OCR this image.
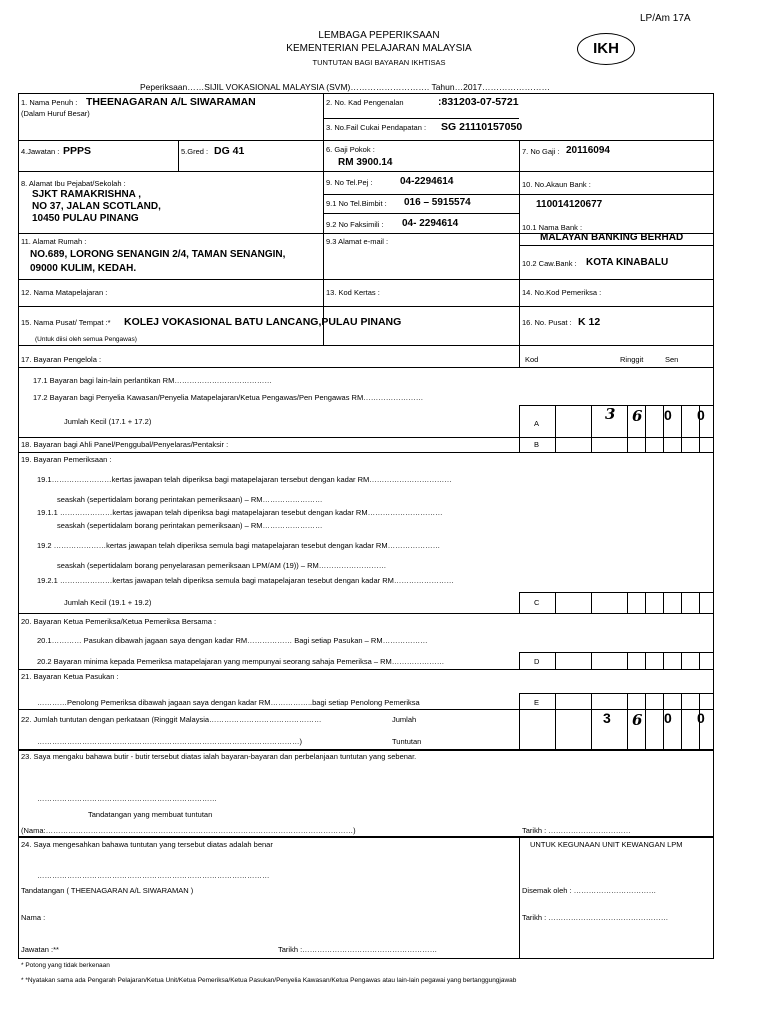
LP/Am 17A
LEMBAGA PEPERIKSAAN
KEMENTERIAN PELAJARAN MALAYSIA
TUNTUTAN BAGI BAYARAN IKHTISAS
IKH
Peperiksaan……SIJIL VOKASIONAL MALAYSIA (SVM)………………………. Tahun…2017……………………
1. Nama Penuh : THEENAGARAN A/L SIWARAMAN
(Dalam Huruf Besar)
2. No. Kad Pengenalan	:831203-07-5721
3. No.Fail Cukai Pendapatan : SG 21110157050
4.Jawatan : PPPS	5.Gred : DG 41	6. Gaji Pokok :
RM 3900.14
7. No Gaji : 20116094
8. Alamat Ibu Pejabat/Sekolah :
SJKT RAMAKRISHNA ,
NO 37, JALAN SCOTLAND,
10450 PULAU PINANG
9. No Tel.Pej :	04-2294614
9.1 No Tel.Bimbit : 016 – 5915574
9.2 No Faksimili : 04- 2294614
9.3 Alamat e-mail :
10. No.Akaun Bank :
110014120677
10.1 Nama Bank :
MALAYAN BANKING BERHAD
10.2 Caw.Bank : KOTA KINABALU
11. Alamat Rumah :
NO.689, LORONG SENANGIN 2/4, TAMAN SENANGIN,
09000 KULIM, KEDAH.
12. Nama Matapelajaran :	13. Kod Kertas :	14. No.Kod Pemeriksa :
15. Nama Pusat/ Tempat :* KOLEJ VOKASIONAL BATU LANCANG,PULAU PINANG
(Untuk diisi oleh semua Pengawas)
16. No. Pusat : K 12
17. Bayaran Pengelola :	Kod	Ringgit	Sen
17.1 Bayaran bagi lain-lain perlantikan RM…………………………………
17.2 Bayaran bagi Penyelia Kawasan/Penyelia Matapelajaran/Ketua Pengawas/Pen Pengawas RM……………………
Jumlah Kecil (17.1 + 17.2)	A
3 6 0 0
18. Bayaran bagi Ahli Panel/Penggubal/Penyelaras/Pentaksir :	B
19. Bayaran Pemeriksaan :
19.1……………………kertas jawapan telah diperiksa bagi matapelajaran tersebut dengan kadar RM……………………………
seaskah (sepertidalam borang perintakan pemeriksaan) – RM……………………
19.1.1 …………………kertas jawapan telah diperiksa bagi matapelajaran tesebut dengan kadar RM…………………………
seaskah (sepertidalam borang perintakan pemeriksaan) – RM……………………
19.2 …………………kertas jawapan telah diperiksa semula bagi matapelajaran tesebut dengan kadar RM…………………
seaskah (sepertidalam borang penyelarasan pemeriksaan LPM/AM (19)) – RM………………………
19.2.1 …………………kertas jawapan telah diperiksa semula bagi matapelajaran tesebut dengan kadar RM……………………
Jumlah Kecil (19.1 + 19.2)	C
20. Bayaran Ketua Pemeriksa/Ketua Pemeriksa Bersama :
20.1………… Pasukan dibawah jagaan saya dengan kadar RM……………… Bagi setiap Pasukan – RM………………
20.2 Bayaran minima kepada Pemeriksa matapelajaran yang mempunyai seorang sahaja Pemeriksa – RM…………………	D
21. Bayaran Ketua Pasukan :
…………Penolong Pemeriksa dibawah jagaan saya dengan kadar RM……………..bagi setiap Penolong Pemeriksa	E
22. Jumlah tuntutan dengan perkataan (Ringgit Malaysia………………………………………
……………………………………………………………………………………………)
Jumlah
Tuntutan
3 6 0 0
23. Saya mengaku bahawa butir - butir tersebut diatas ialah bayaran-bayaran dan perbelanjaan tuntutan yang sebenar.
………………………………………………………………
Tandatangan yang membuat tuntutan
(Nama:……………………………………………………………………………………………………………)	Tarikh : ……………………………
24. Saya mengesahkan bahawa tuntutan yang tersebut diatas adalah benar	UNTUK KEGUNAAN UNIT KEWANGAN LPM
…………………………………………………………………………………
Tandatangan ( THEENAGARAN A/L SIWARAMAN )	Disemak oleh : ……………………………
Nama :	Tarikh : …………………………………………
Jawatan :**	Tarikh :………………………………………………
* Potong yang tidak berkenaan
* *Nyatakan sama ada Pengarah Pelajaran/Ketua Unit/Ketua Pemeriksa/Ketua Pasukan/Penyelia Kawasan/Ketua Pengawas atau lain-lain pegawai yang bertanggungjawab
